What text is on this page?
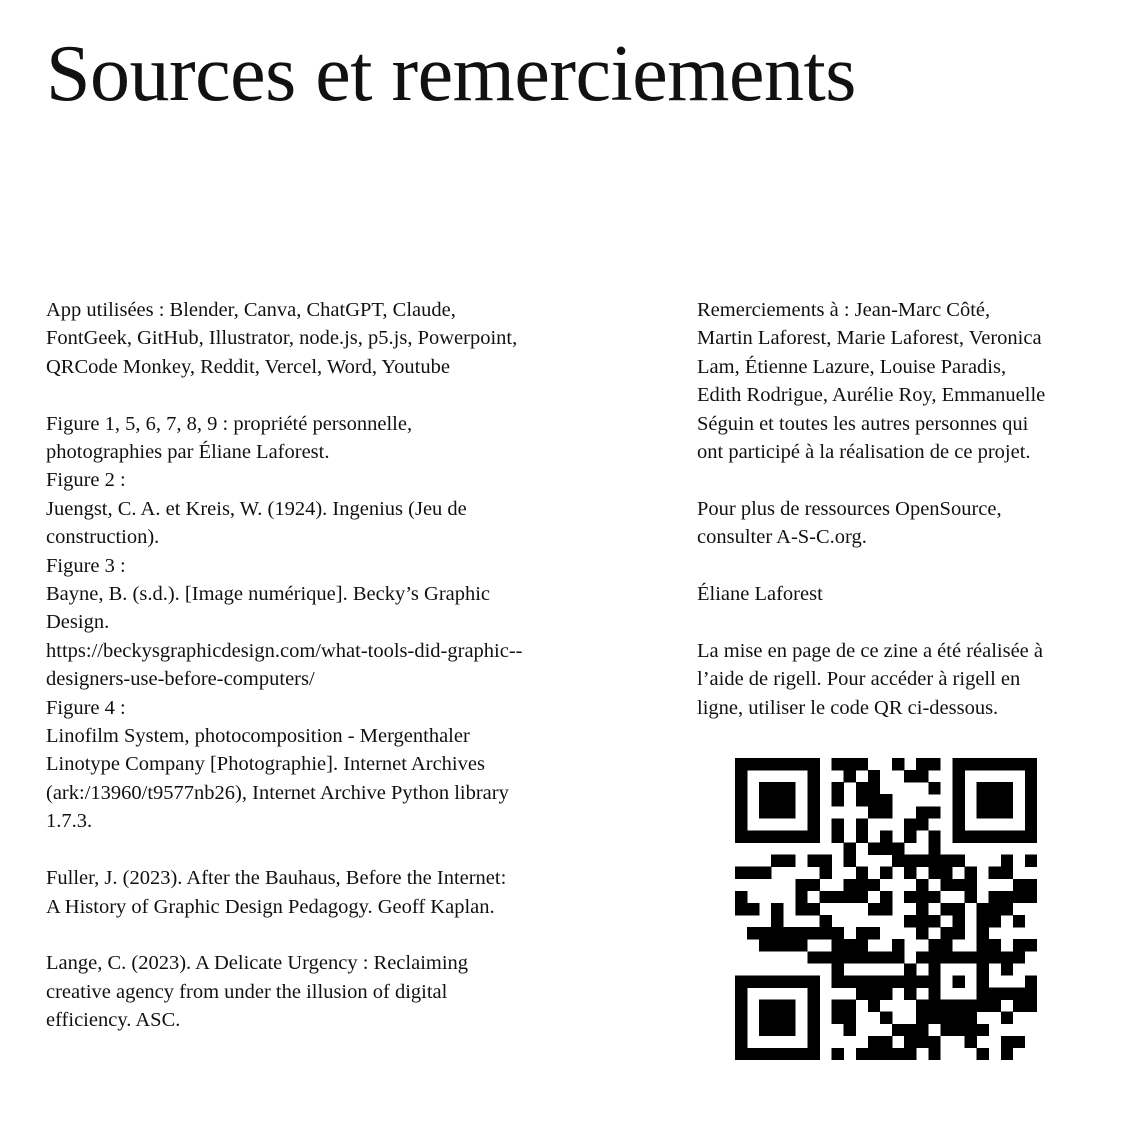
Sources et remerciements

App utilisées : Blender, Canva, ChatGPT, Claude,

FontGeek, GitHub, Illustrator, node.js, p5.js, Powerpoint,

QRCode Monkey, Reddit, Vercel, Word, Youtube

Figure 1, 5, 6, 7, 8, 9 : propriété personnelle,

photographies par Éliane Laforest.

Figure 2 :

Juengst, C. A. et Kreis, W. (1924). Ingenius (Jeu de

construction).

Figure 3 :

Bayne, B. (s.d.). [Image numérique]. Becky’s Graphic

Design.

https://beckysgraphicdesign.com/what-tools-did-graphic--

designers-use-before-computers/

Figure 4 :

Linofilm System, photocomposition - Mergenthaler

Linotype Company [Photographie]. Internet Archives

(ark:/13960/t9577nb26), Internet Archive Python library

1.7.3.

Fuller, J. (2023). After the Bauhaus, Before the Internet:

A History of Graphic Design Pedagogy. Geoff Kaplan.

Lange, C. (2023). A Delicate Urgency : Reclaiming

creative agency from under the illusion of digital

efficiency. ASC.

Remerciements à : Jean-Marc Côté,

Martin Laforest, Marie Laforest, Veronica

Lam, Étienne Lazure, Louise Paradis,

Edith Rodrigue, Aurélie Roy, Emmanuelle

Séguin et toutes les autres personnes qui

ont participé à la réalisation de ce projet.

Pour plus de ressources OpenSource,

consulter A-S-C.org.

Éliane Laforest

La mise en page de ce zine a été réalisée à

l’aide de rigell. Pour accéder à rigell en

ligne, utiliser le code QR ci-dessous.
